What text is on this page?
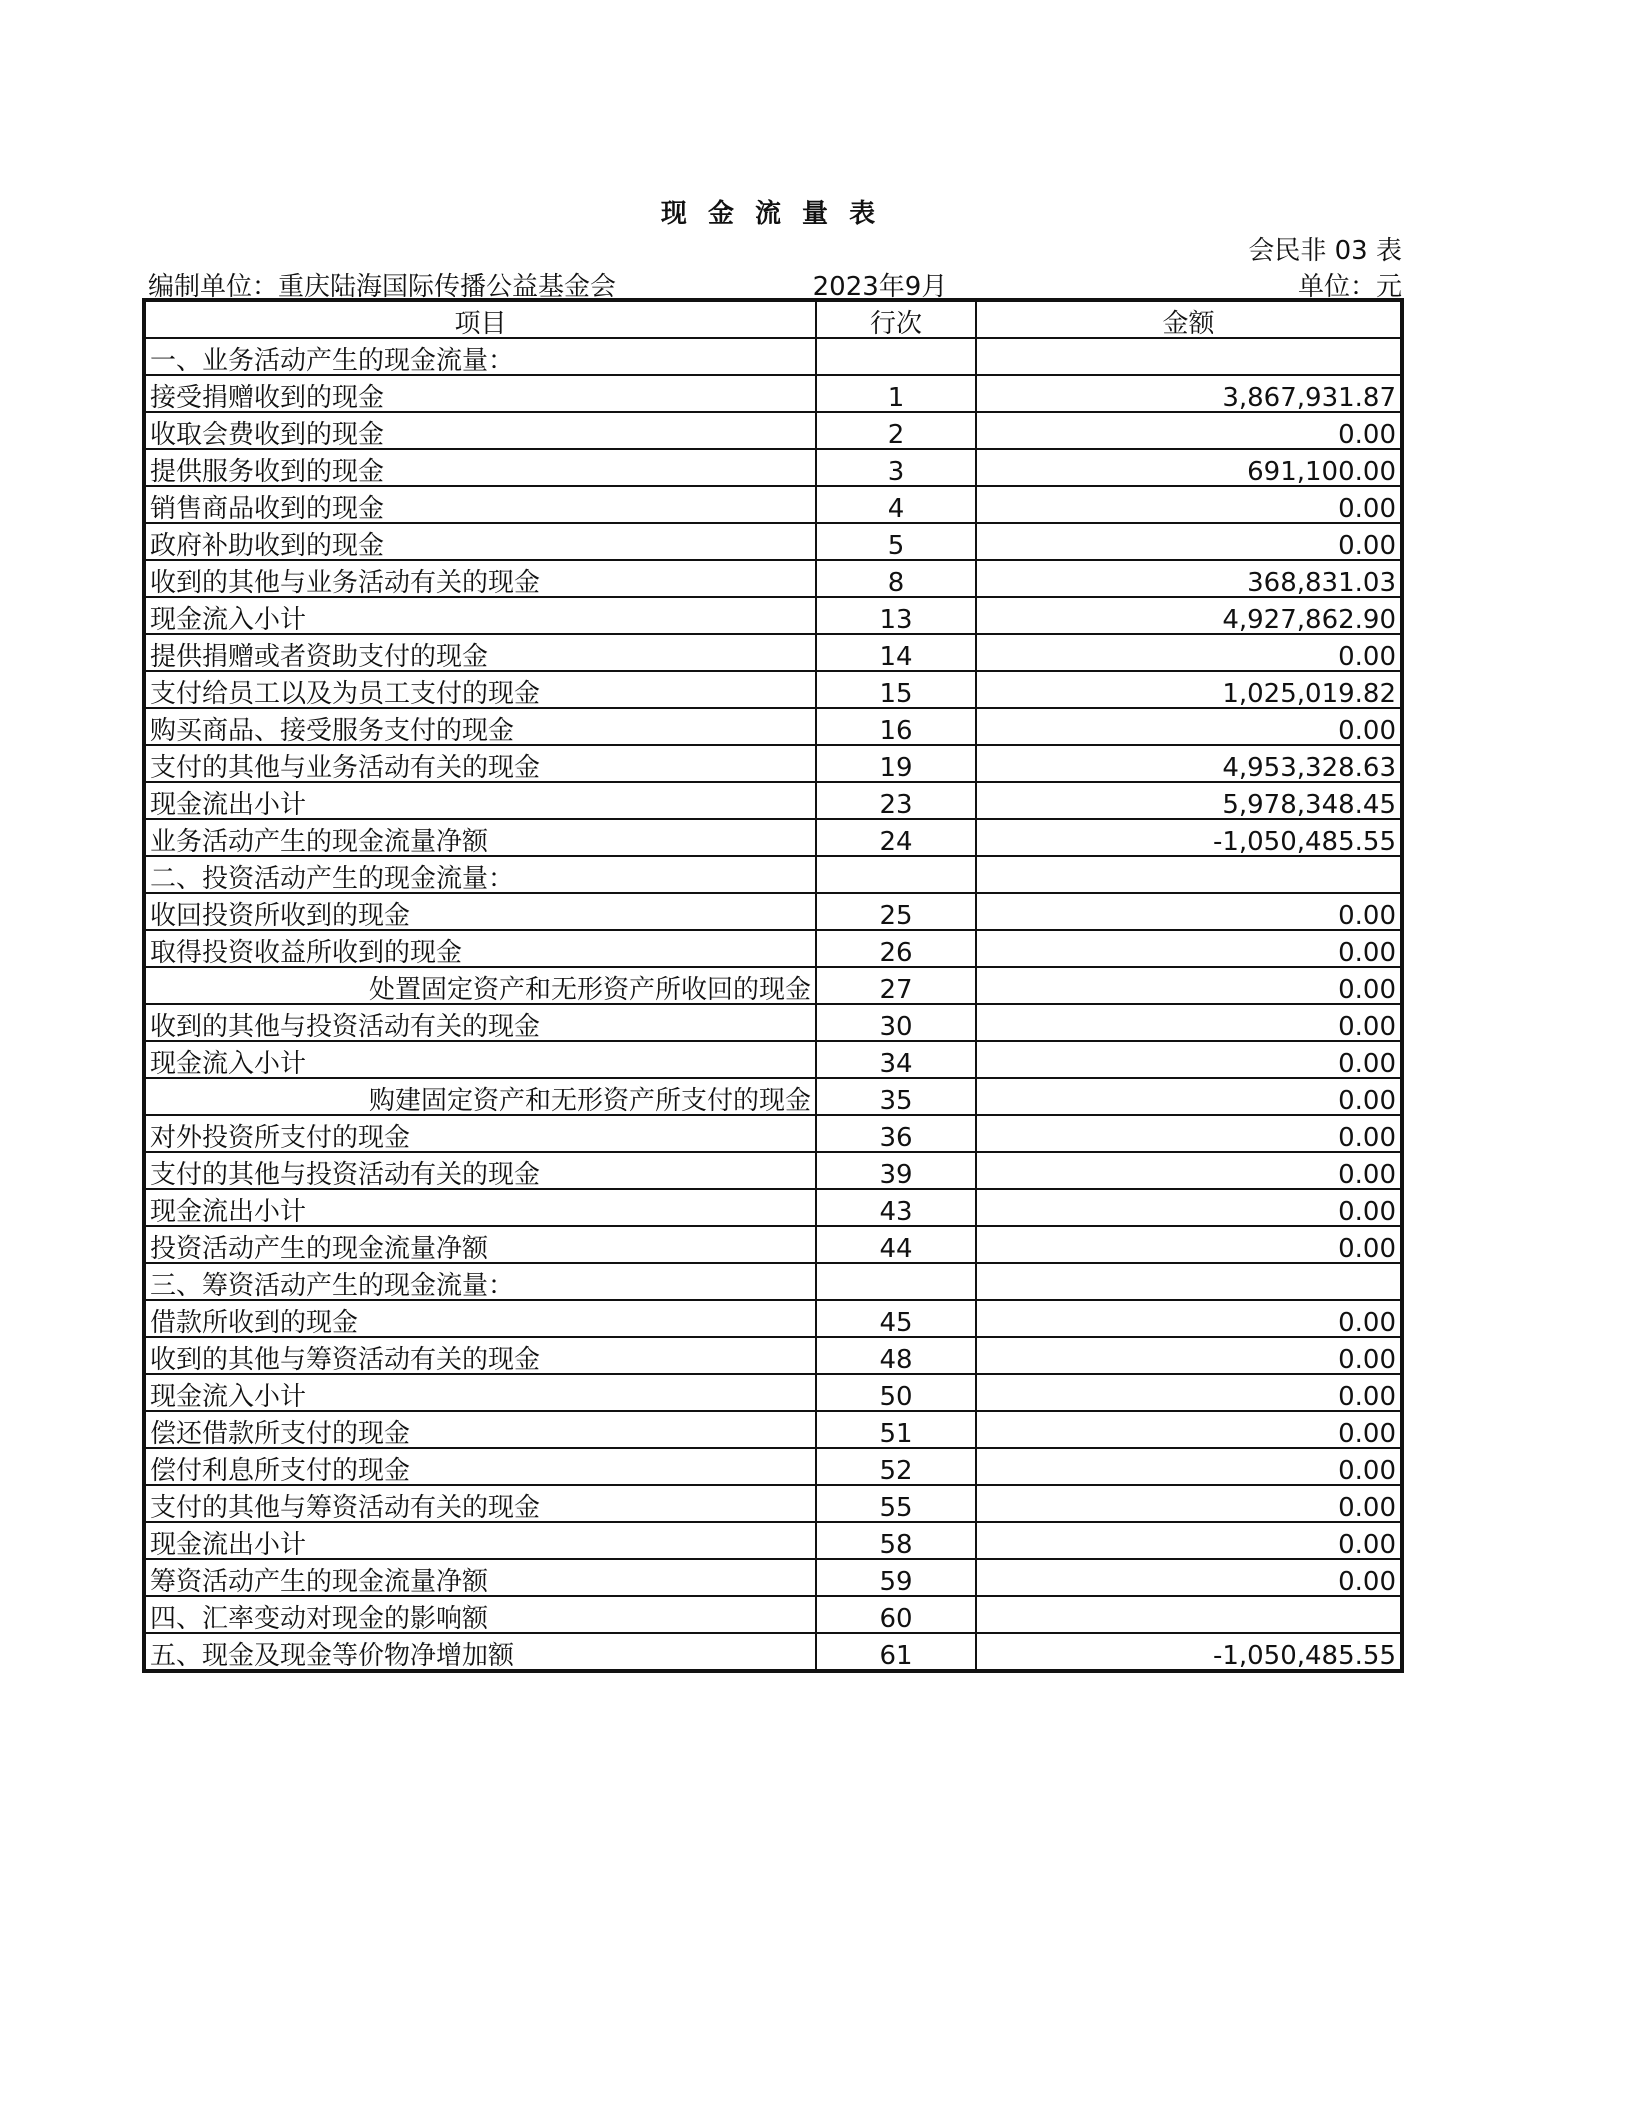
现 金 流 量 表
会民非 03 表
编制单位：重庆陆海国际传播公益基金会	2023年9月	单位：元
项目	行次	金额
一、业务活动产生的现金流量：		
接受捐赠收到的现金	1	3,867,931.87
收取会费收到的现金	2	0.00
提供服务收到的现金	3	691,100.00
销售商品收到的现金	4	0.00
政府补助收到的现金	5	0.00
收到的其他与业务活动有关的现金	8	368,831.03
现金流入小计	13	4,927,862.90
提供捐赠或者资助支付的现金	14	0.00
支付给员工以及为员工支付的现金	15	1,025,019.82
购买商品、接受服务支付的现金	16	0.00
支付的其他与业务活动有关的现金	19	4,953,328.63
现金流出小计	23	5,978,348.45
业务活动产生的现金流量净额	24	-1,050,485.55
二、投资活动产生的现金流量：		
收回投资所收到的现金	25	0.00
取得投资收益所收到的现金	26	0.00
处置固定资产和无形资产所收回的现金	27	0.00
收到的其他与投资活动有关的现金	30	0.00
现金流入小计	34	0.00
购建固定资产和无形资产所支付的现金	35	0.00
对外投资所支付的现金	36	0.00
支付的其他与投资活动有关的现金	39	0.00
现金流出小计	43	0.00
投资活动产生的现金流量净额	44	0.00
三、筹资活动产生的现金流量：		
借款所收到的现金	45	0.00
收到的其他与筹资活动有关的现金	48	0.00
现金流入小计	50	0.00
偿还借款所支付的现金	51	0.00
偿付利息所支付的现金	52	0.00
支付的其他与筹资活动有关的现金	55	0.00
现金流出小计	58	0.00
筹资活动产生的现金流量净额	59	0.00
四、汇率变动对现金的影响额	60	
五、现金及现金等价物净增加额	61	-1,050,485.55
